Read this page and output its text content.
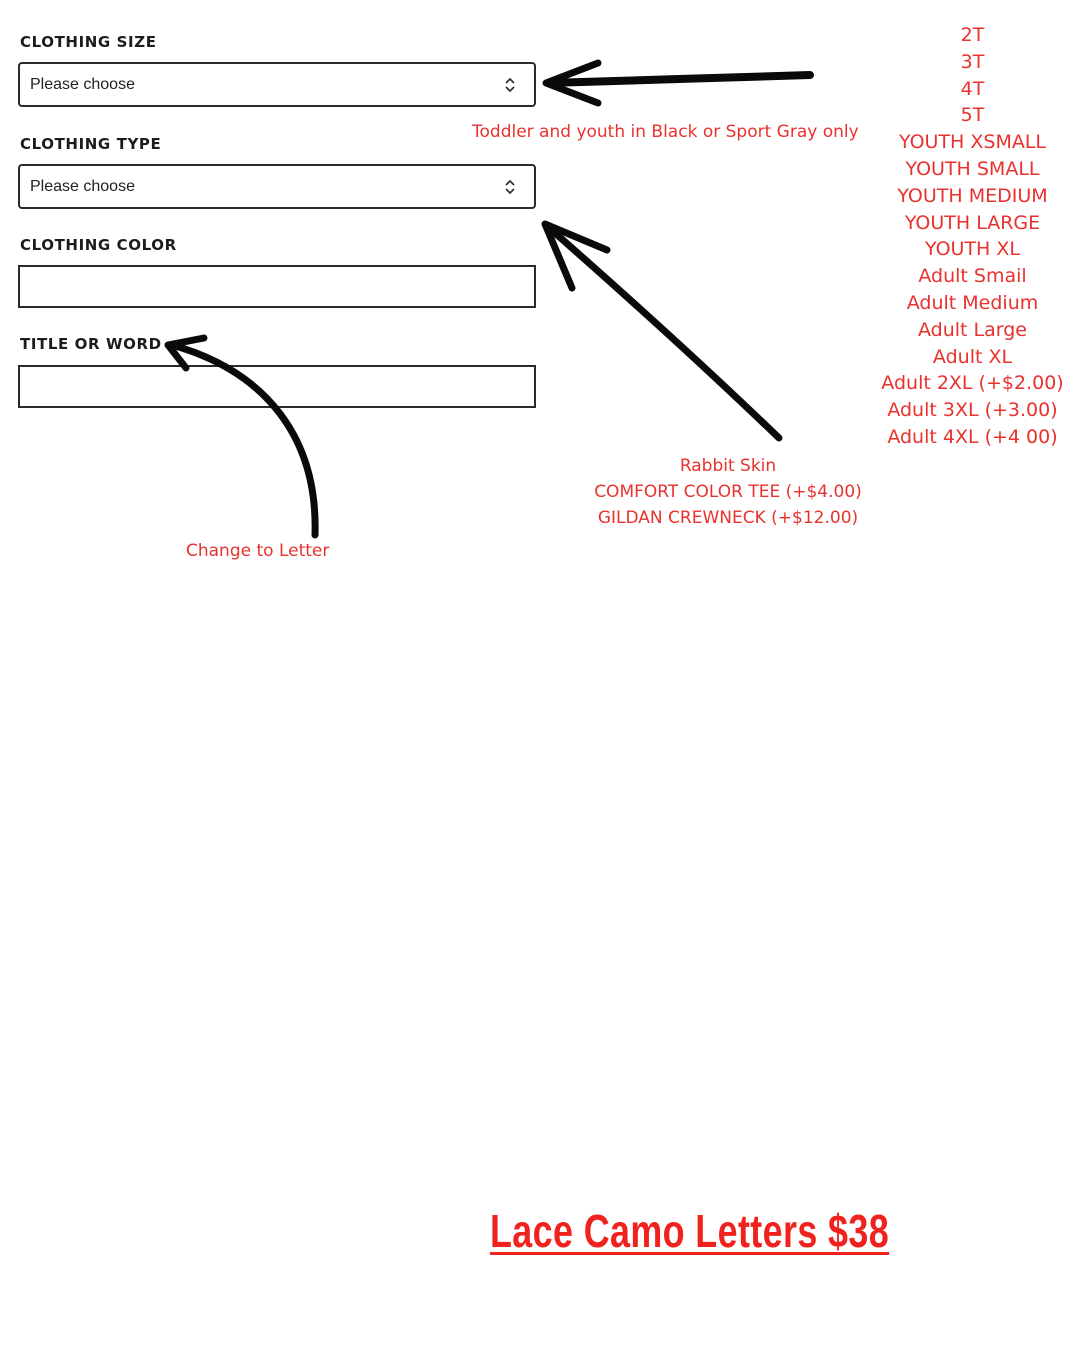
CLOTHING SIZE
Please choose
CLOTHING TYPE
Please choose
CLOTHING COLOR
TITLE OR WORD
Toddler and youth in Black or Sport Gray only
Change to Letter
2T
3T
4T
5T
YOUTH XSMALL
YOUTH SMALL
YOUTH MEDIUM
YOUTH LARGE
YOUTH XL
Adult Smail
Adult Medium
Adult Large
Adult XL
Adult 2XL (+$2.00)
Adult 3XL (+3.00)
Adult 4XL (+4 00)
Rabbit Skin
COMFORT COLOR TEE (+$4.00)
GILDAN CREWNECK (+$12.00)
Lace Camo Letters $38
